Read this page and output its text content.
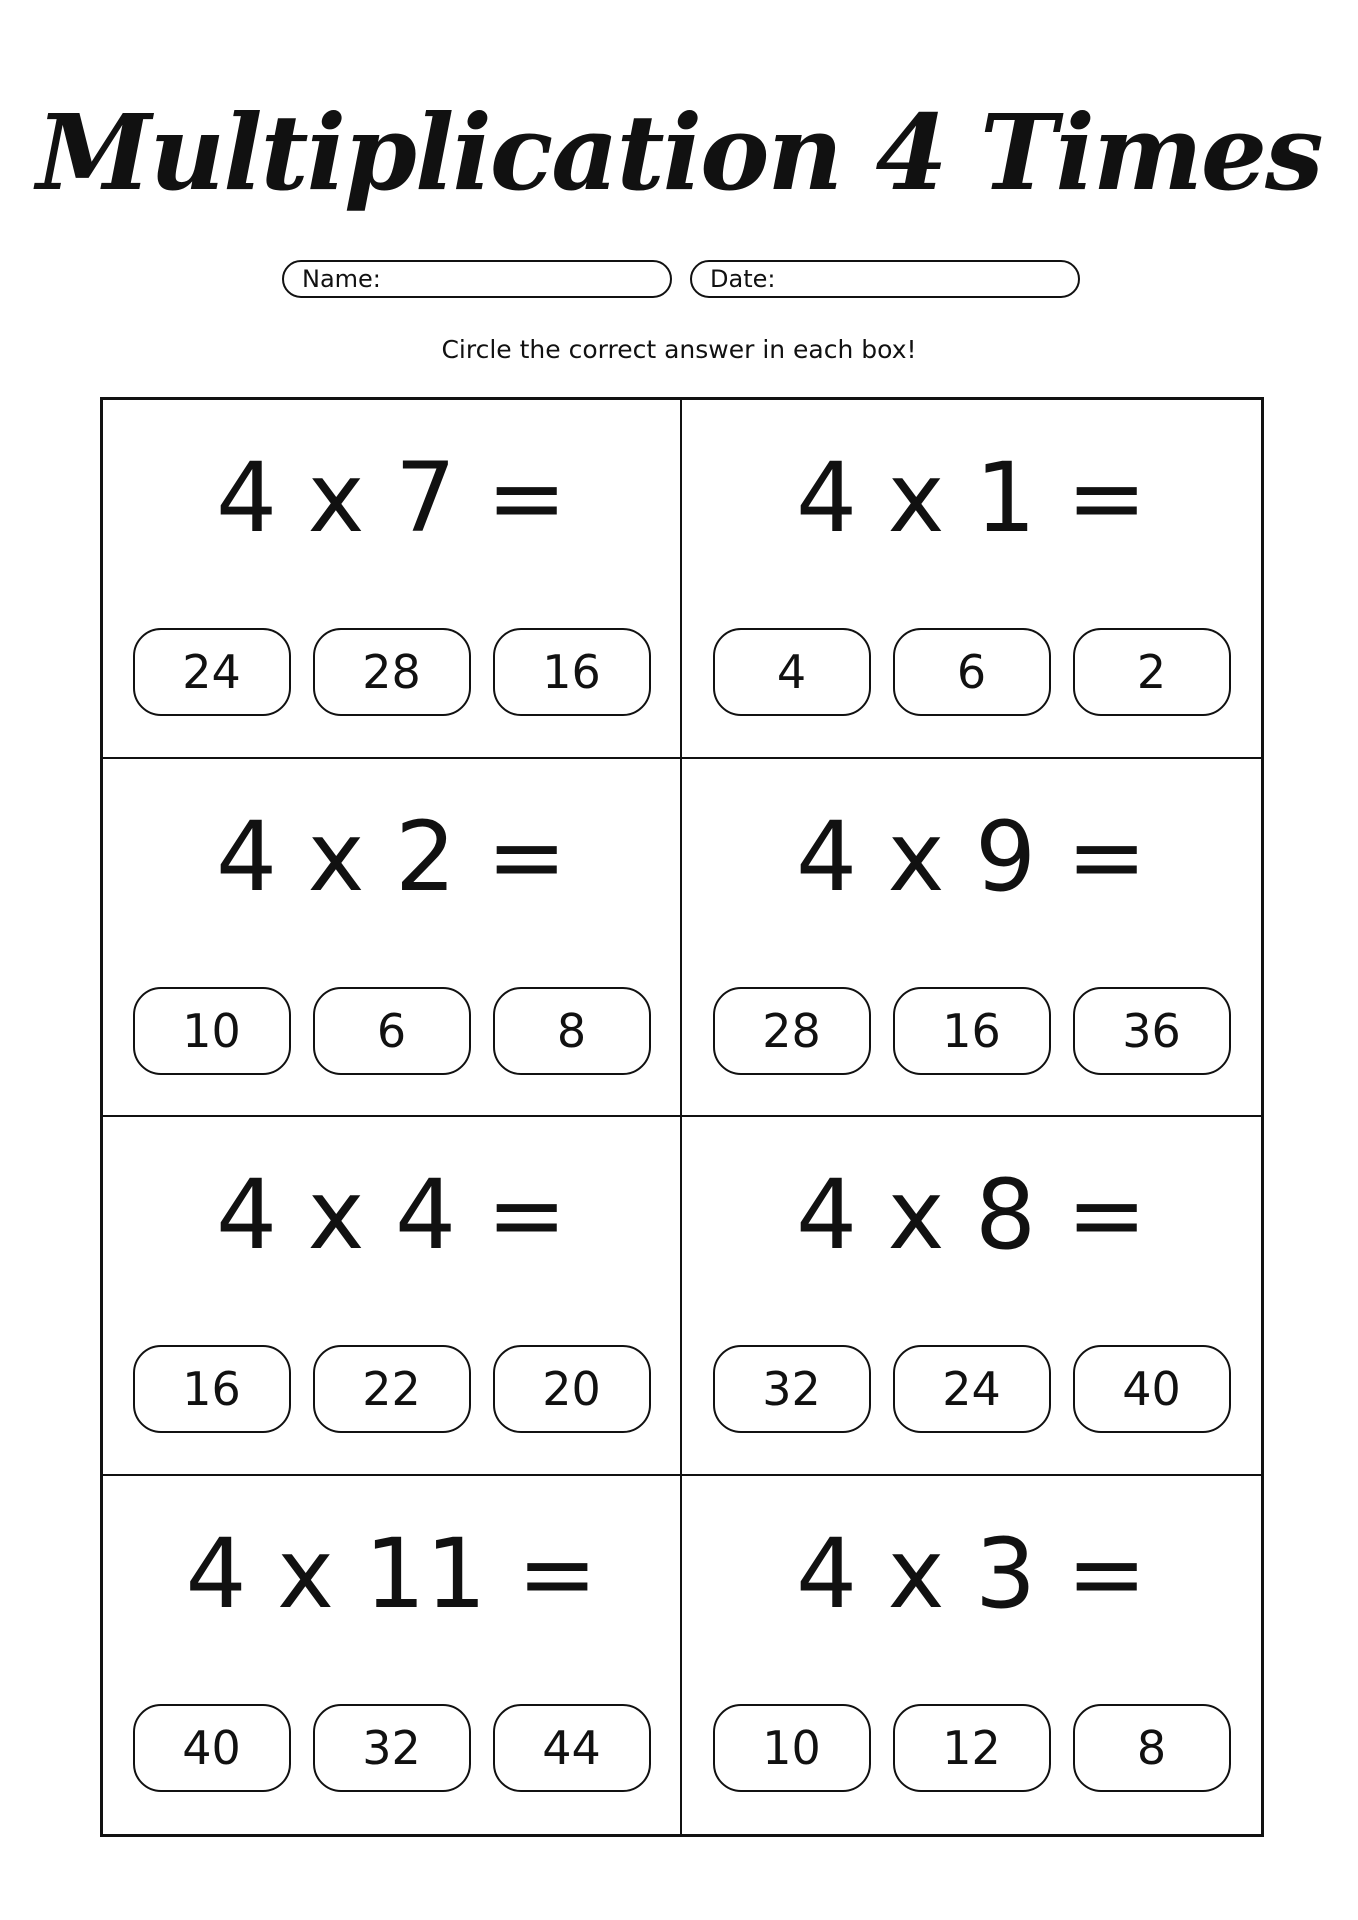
Multiplication 4 Times
Name:	Date:
Circle the correct answer in each box!
4 x 7 =
24	28	16
4 x 1 =
4	6	2
4 x 2 =
10	6	8
4 x 9 =
28	16	36
4 x 4 =
16	22	20
4 x 8 =
32	24	40
4 x 11 =
40	32	44
4 x 3 =
10	12	8
